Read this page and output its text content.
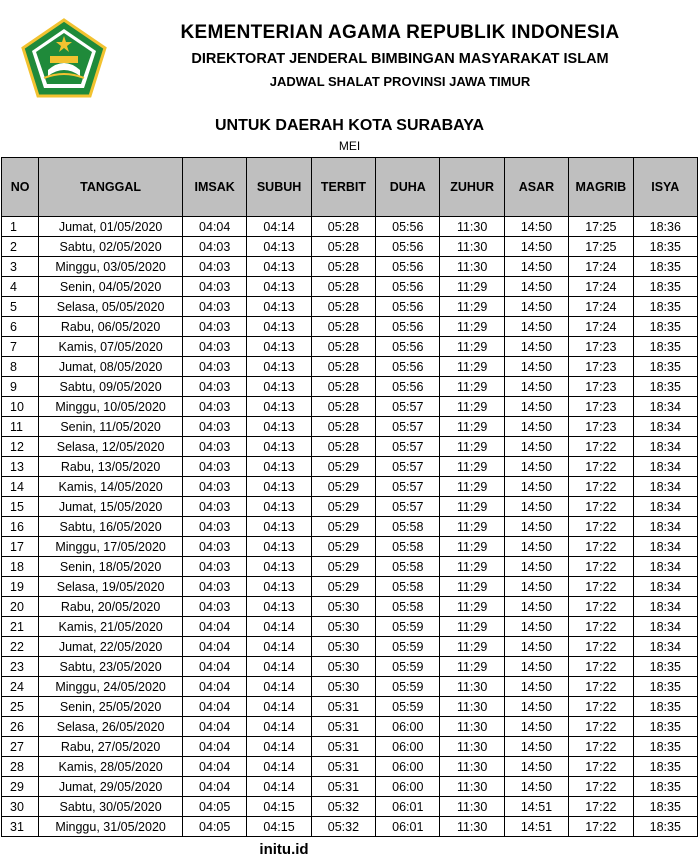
IKHLAS BERAMAL
KEMENTERIAN AGAMA REPUBLIK INDONESIA
DIREKTORAT JENDERAL BIMBINGAN MASYARAKAT ISLAM
JADWAL SHALAT PROVINSI JAWA TIMUR
UNTUK DAERAH KOTA SURABAYA
MEI
NO	TANGGAL	IMSAK	SUBUH	TERBIT	DUHA	ZUHUR	ASAR	MAGRIB	ISYA
1	Jumat, 01/05/2020	04:04	04:14	05:28	05:56	11:30	14:50	17:25	18:36
2	Sabtu, 02/05/2020	04:03	04:13	05:28	05:56	11:30	14:50	17:25	18:35
3	Minggu, 03/05/2020	04:03	04:13	05:28	05:56	11:30	14:50	17:24	18:35
4	Senin, 04/05/2020	04:03	04:13	05:28	05:56	11:29	14:50	17:24	18:35
5	Selasa, 05/05/2020	04:03	04:13	05:28	05:56	11:29	14:50	17:24	18:35
6	Rabu, 06/05/2020	04:03	04:13	05:28	05:56	11:29	14:50	17:24	18:35
7	Kamis, 07/05/2020	04:03	04:13	05:28	05:56	11:29	14:50	17:23	18:35
8	Jumat, 08/05/2020	04:03	04:13	05:28	05:56	11:29	14:50	17:23	18:35
9	Sabtu, 09/05/2020	04:03	04:13	05:28	05:56	11:29	14:50	17:23	18:35
10	Minggu, 10/05/2020	04:03	04:13	05:28	05:57	11:29	14:50	17:23	18:34
11	Senin, 11/05/2020	04:03	04:13	05:28	05:57	11:29	14:50	17:23	18:34
12	Selasa, 12/05/2020	04:03	04:13	05:28	05:57	11:29	14:50	17:22	18:34
13	Rabu, 13/05/2020	04:03	04:13	05:29	05:57	11:29	14:50	17:22	18:34
14	Kamis, 14/05/2020	04:03	04:13	05:29	05:57	11:29	14:50	17:22	18:34
15	Jumat, 15/05/2020	04:03	04:13	05:29	05:57	11:29	14:50	17:22	18:34
16	Sabtu, 16/05/2020	04:03	04:13	05:29	05:58	11:29	14:50	17:22	18:34
17	Minggu, 17/05/2020	04:03	04:13	05:29	05:58	11:29	14:50	17:22	18:34
18	Senin, 18/05/2020	04:03	04:13	05:29	05:58	11:29	14:50	17:22	18:34
19	Selasa, 19/05/2020	04:03	04:13	05:29	05:58	11:29	14:50	17:22	18:34
20	Rabu, 20/05/2020	04:03	04:13	05:30	05:58	11:29	14:50	17:22	18:34
21	Kamis, 21/05/2020	04:04	04:14	05:30	05:59	11:29	14:50	17:22	18:34
22	Jumat, 22/05/2020	04:04	04:14	05:30	05:59	11:29	14:50	17:22	18:34
23	Sabtu, 23/05/2020	04:04	04:14	05:30	05:59	11:29	14:50	17:22	18:35
24	Minggu, 24/05/2020	04:04	04:14	05:30	05:59	11:30	14:50	17:22	18:35
25	Senin, 25/05/2020	04:04	04:14	05:31	05:59	11:30	14:50	17:22	18:35
26	Selasa, 26/05/2020	04:04	04:14	05:31	06:00	11:30	14:50	17:22	18:35
27	Rabu, 27/05/2020	04:04	04:14	05:31	06:00	11:30	14:50	17:22	18:35
28	Kamis, 28/05/2020	04:04	04:14	05:31	06:00	11:30	14:50	17:22	18:35
29	Jumat, 29/05/2020	04:04	04:14	05:31	06:00	11:30	14:50	17:22	18:35
30	Sabtu, 30/05/2020	04:05	04:15	05:32	06:01	11:30	14:51	17:22	18:35
31	Minggu, 31/05/2020	04:05	04:15	05:32	06:01	11:30	14:51	17:22	18:35
initu.id
